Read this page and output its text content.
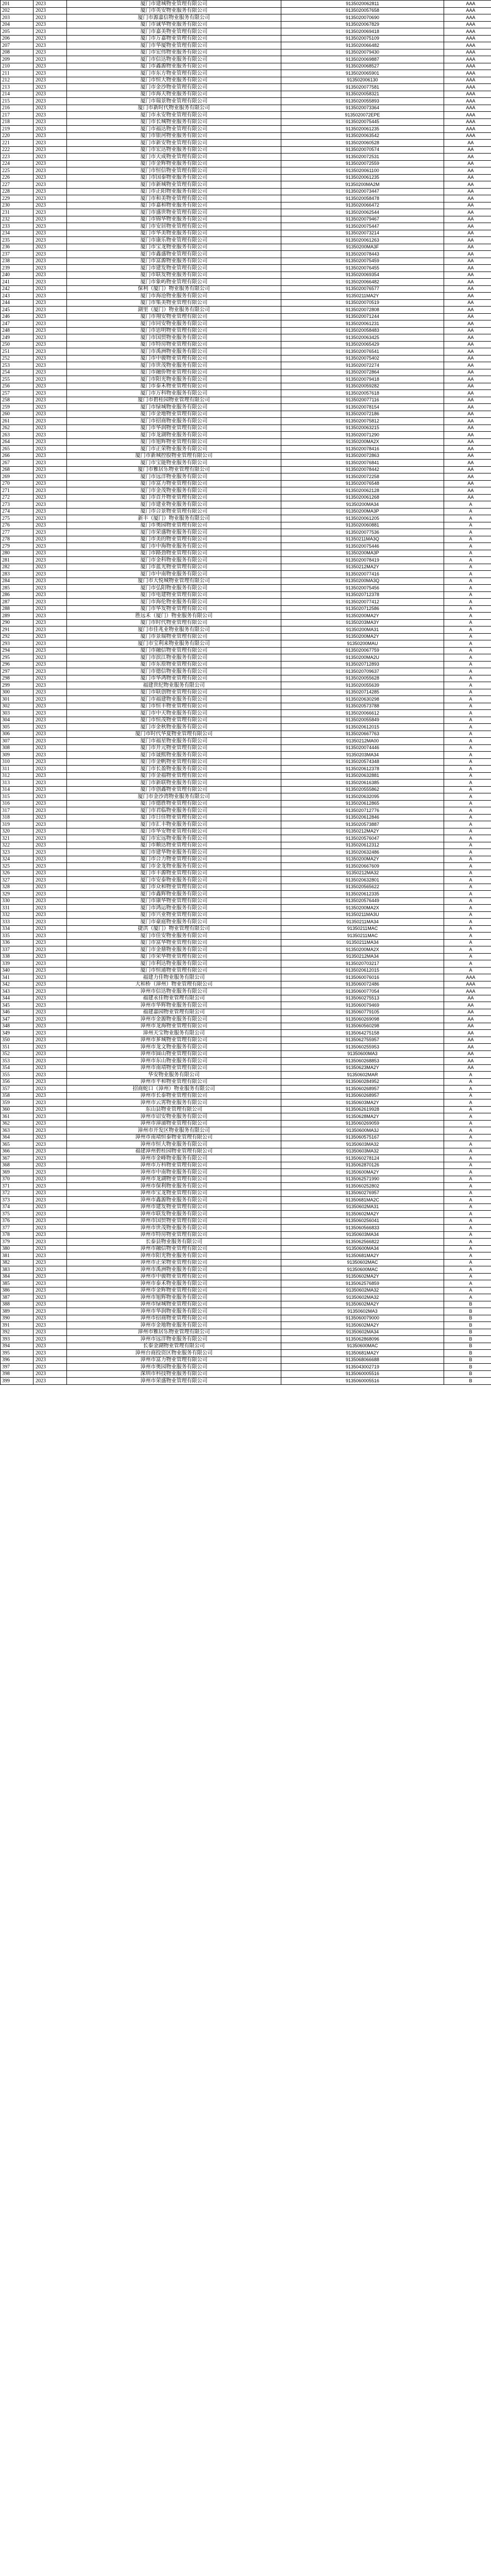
201	2023	厦门市建城物业管理有限公司	9135020062811	AAA
202	2023	厦门市英安物业服务有限公司	9135020057658	AAA
203	2023	厦门市源嘉信物业服务有限公司	9135020070690	AAA
204	2023	厦门市诚华物业服务有限公司	9135020067829	AAA
205	2023	厦门市嘉美物业管理有限公司	9135020069418	AAA
206	2023	厦门市万嘉物业管理有限公司	9135020075109	AAA
207	2023	厦门市华厦物业管理有限公司	9135020066482	AAA
208	2023	厦门市宏伟物业服务有限公司	9135020079430	AAA
209	2023	厦门市信达物业服务有限公司	9135020069887	AAA
210	2023	厦门市鑫源物业服务有限公司	9135020068527	AAA
211	2023	厦门市东方物业管理有限公司	9135020065901	AAA
212	2023	厦门市恒大物业服务有限公司	913502006130	AAA
213	2023	厦门市金沙物业管理有限公司	9135020077581	AAA
214	2023	厦门市海天物业服务有限公司	9135020058321	AAA
215	2023	厦门市瑞景物业管理有限公司	9135020055893	AAA
216	2023	厦门市新时代物业服务有限公司	9135020073364	AAA
217	2023	厦门市永安物业管理有限公司	9135020072EPE	AAA
218	2023	厦门市长城物业服务有限公司	9135020075445	AAA
219	2023	厦门市福达物业管理有限公司	9135020061235	AAA
220	2023	厦门市银河物业服务有限公司	9135020063542	AAA
221	2023	厦门市新安物业管理有限公司	9135020060528	AA
222	2023	厦门市宏达物业服务有限公司	9135020070574	AA
223	2023	厦门市天成物业管理有限公司	9135020072531	AA
224	2023	厦门市金辉物业服务有限公司	9135020072559	AA
225	2023	厦门市恒信物业管理有限公司	9135020061100	AA
226	2023	厦门市国泰物业服务有限公司	9135020061235	AA
227	2023	厦门市新城物业管理有限公司	91350200MA2M	AA
228	2023	厦门市正阳物业服务有限公司	9135020073447	AA
229	2023	厦门市和美物业管理有限公司	9135020058478	AA
230	2023	厦门市嘉和物业服务有限公司	9135020066472	AA
231	2023	厦门市盛世物业管理有限公司	9135020062544	AA
232	2023	厦门市锦华物业服务有限公司	9135020079467	AA
233	2023	厦门市安居物业管理有限公司	9135020075447	AA
234	2023	厦门市华美物业服务有限公司	9135020073214	AA
235	2023	厦门市康乐物业管理有限公司	9135020061263	AA
236	2023	厦门市宝龙物业服务有限公司	91350200MA3F	AA
237	2023	厦门市鑫盛物业管理有限公司	9135020078443	AA
238	2023	厦门市富源物业服务有限公司	9135020075459	AA
239	2023	厦门市建发物业管理有限公司	9135020076455	AA
240	2023	厦门市联发物业服务有限公司	9135020069354	AA
241	2023	厦门市象屿物业管理有限公司	9135020066482	AA
242	2023	保利（厦门）物业服务有限公司	9135020076577	AA
243	2023	厦门市海沧物业服务有限公司	91350211MA2Y	AA
244	2023	厦门市集美物业管理有限公司	9135020070519	AA
245	2023	湖里（厦门）物业服务有限公司	9135020072808	AA
246	2023	厦门市翔安物业管理有限公司	9135020071244	AA
247	2023	厦门市同安物业服务有限公司	9135020061231	AA
248	2023	厦门市思明物业管理有限公司	9135020058483	AA
249	2023	厦门市国贸物业服务有限公司	9135020063425	AA
250	2023	厦门市特房物业管理有限公司	9135020065429	AA
251	2023	厦门市禹洲物业服务有限公司	9135020076541	AA
252	2023	厦门市中骏物业管理有限公司	9135020075402	AA
253	2023	厦门市世茂物业服务有限公司	9135020072274	AA
254	2023	厦门市融侨物业管理有限公司	9135020072864	AA
255	2023	厦门市阳光物业服务有限公司	9135020079418	AA
256	2023	厦门市泰禾物业管理有限公司	9135020059282	AA
257	2023	厦门市万科物业服务有限公司	9135020057618	AA
258	2023	厦门市碧桂园物业管理有限公司	9135020077116	AA
259	2023	厦门市绿城物业服务有限公司	9135020078154	AA
260	2023	厦门市金地物业管理有限公司	9135020072186	AA
261	2023	厦门市招商物业服务有限公司	9135020075812	AA
262	2023	厦门市华润物业管理有限公司	9135020063215	AA
263	2023	厦门市龙湖物业服务有限公司	9135020071290	AA
264	2023	厦门市旭辉物业管理有限公司	91350200MA2X	AA
265	2023	厦门市正荣物业服务有限公司	9135020078416	AA
266	2023	厦门市新城控股物业管理有限公司	9135020072863	AA
267	2023	厦门市宝能物业服务有限公司	9135020076841	AA
268	2023	厦门市雅居乐物业管理有限公司	9135020078442	AA
269	2023	厦门市远洋物业服务有限公司	9135020072258	AA
270	2023	厦门市富力物业管理有限公司	9135020076548	AA
271	2023	厦门市金茂物业服务有限公司	9135020062128	AA
272	2023	厦门市首开物业管理有限公司	9135020061268	AA
273	2023	厦门市建业物业服务有限公司	91350200MA34	A
274	2023	厦门市合景物业管理有限公司	91350200MA3P	A
275	2023	新丰（厦门）物业服务有限公司	9135020061205	A
276	2023	厦门市奥园物业管理有限公司	9135020060881	A
277	2023	厦门市荣盛物业服务有限公司	9135020077536	A
278	2023	厦门市美的物业管理有限公司	91350211MA3Q	A
279	2023	厦门市中海物业服务有限公司	9135020075446	A
280	2023	厦门市路劲物业管理有限公司	91350200MA3P	A
281	2023	厦门市金科物业服务有限公司	9135020078419	A
282	2023	厦门市蓝光物业管理有限公司	91350212MA2Y	A
283	2023	厦门市中南物业服务有限公司	9135020077416	A
284	2023	厦门市大悦城物业管理有限公司	91350200MA3Q	A
285	2023	厦门市弘阳物业服务有限公司	9135020075456	A
286	2023	厦门市电建物业管理有限公司	9135020712378	A
287	2023	厦门市海伦物业服务有限公司	9135020077412	A
288	2023	厦门市华发物业管理有限公司	9135020712586	A
289	2023	胜远禾（厦门）物业服务有限公司	91350200MA2Y	A
290	2023	厦门市时代物业管理有限公司	91350203MA3Y	A
291	2023	厦门市佳兆业物业服务有限公司	91350200MA31	A
292	2023	厦门市景瑞物业管理有限公司	91350200MA2Y	A
293	2023	厦门市宝利来物业服务有限公司	91350200MAU	A
294	2023	厦门市融信物业管理有限公司	9135020067759	A
295	2023	厦门市滨江物业服务有限公司	91350200MA2U	A
296	2023	厦门市东原物业管理有限公司	9135020712893	A
297	2023	厦门市德信物业服务有限公司	9135020709637	A
298	2023	厦门市华鸿物业管理有限公司	9135020055628	A
299	2023	福建世纪物业服务有限公司	9135020055639	A
300	2023	厦门市联创物业管理有限公司	9135020714285	A
301	2023	厦门市福建物业服务有限公司	9135020630298	A
302	2023	厦门市恒丰物业管理有限公司	9135020573788	A
303	2023	厦门市中天物业服务有限公司	9135020066612	A
304	2023	厦门市恒茂物业管理有限公司	9135020055849	A
305	2023	厦门市金秋物业服务有限公司	9135020612015	A
306	2023	厦门市时代华夏物业管理有限公司	9135020667763	A
307	2023	厦门市福星物业服务有限公司	91350212MA00	A
308	2023	厦门市开元物业管理有限公司	9135020074446	A
309	2023	厦门市晟熙物业服务有限公司	91350203MA34	A
310	2023	厦门市金帆物业管理有限公司	9135020574348	A
311	2023	厦门市长盈物业服务有限公司	9135020612378	A
312	2023	厦门市金福物业管理有限公司	9135020632881	A
313	2023	厦门市新联物业服务有限公司	9135020616385	A
314	2023	厦门市创鑫物业管理有限公司	9135020555862	A
315	2023	厦门市金沙湾物业服务有限公司	9135020632095	A
316	2023	厦门市德胜物业管理有限公司	9135020612865	A
317	2023	厦门市君临物业服务有限公司	9135020712776	A
318	2023	厦门市日佳物业管理有限公司	9135020612846	A
319	2023	厦门市汇丰物业服务有限公司	9135020573887	A
320	2023	厦门市华安物业管理有限公司	91350212MA2Y	A
321	2023	厦门市宏远物业服务有限公司	9135020576047	A
322	2023	厦门市顺达物业管理有限公司	9135020612312	A
323	2023	厦门市建华物业服务有限公司	9135020632486	A
324	2023	厦门市合力物业管理有限公司	91350200MA2Y	A
325	2023	厦门市金龙物业服务有限公司	9135020667609	A
326	2023	厦门市丰源物业管理有限公司	91350212MA32	A
327	2023	厦门市安泰物业服务有限公司	9135020632801	A
328	2023	厦门市众和物业管理有限公司	9135020565622	A
329	2023	厦门市鑫辉物业服务有限公司	9135020612335	A
330	2023	厦门市康华物业管理有限公司	9135020576449	A
331	2023	厦门市鸿运物业服务有限公司	91350200MA2X	A
332	2023	厦门市兴业物业管理有限公司	91350211MA3U	A
333	2023	厦门市豪庭物业服务有限公司	91350211MA34	A
334	2023	捷洪（厦门）物业管理有限公司	91350211MAC	A
335	2023	厦门市佳安物业服务有限公司	91350211MAC	A
336	2023	厦门市富华物业管理有限公司	91350211MA34	A
337	2023	厦门市金鼎物业服务有限公司	91350200MA2X	A
338	2023	厦门市荣华物业管理有限公司	91350212MA34	A
339	2023	厦门市利达物业服务有限公司	9135020703217	A
340	2023	厦门市恒通物业管理有限公司	9135020612015	A
341	2023	福建力佳物业服务有限公司	9135060076016	AAA
342	2023	大和桥（漳州）物业管理有限公司	9135060072486	AAA
343	2023	漳州市信达物业服务有限公司	9135060077054	AAA
344	2023	福建永佳物业管理有限公司	9135060275513	AA
345	2023	漳州市华辉物业服务有限公司	9135060079469	AA
346	2023	福建嘉园物业管理有限公司	9135060779105	AA
347	2023	漳州市金源物业服务有限公司	9135060269098	AA
348	2023	漳州市龙海物业管理有限公司	9135060560298	AA
349	2023	漳州天宝物业服务有限公司	9135064275158	AA
350	2023	漳州市芗城物业管理有限公司	9135062755957	AA
351	2023	漳州市龙文物业服务有限公司	9135060255953	AA
352	2023	漳州市圆山物业管理有限公司	91350600MA3	AA
353	2023	漳州市东山物业服务有限公司	9135060268853	AA
354	2023	漳州市南靖物业管理有限公司	91350623MA2Y	AA
355	2023	华安物业服务有限公司	91350602MAR	A
356	2023	漳州市平和物业管理有限公司	9135060284952	A
357	2023	招商蛇口（漳州）物业服务有限公司	9135060268957	A
358	2023	漳州市长泰物业管理有限公司	9135060268957	A
359	2023	漳州市云霄物业服务有限公司	91350603MA2Y	A
360	2023	东山县物业管理有限公司	9135062619928	A
361	2023	漳州市诏安物业服务有限公司	91350628MA2Y	A
362	2023	漳州市漳浦物业管理有限公司	9135060269059	A
363	2023	漳州市开发区物业服务有限公司	91350600MA3J	A
364	2023	漳州市南靖恒泰物业管理有限公司	9135060575167	A
365	2023	漳州市恒大物业服务有限公司	91350603MA32	A
366	2023	福建漳州碧桂园物业管理有限公司	91350603MA32	A
367	2023	漳州市金峰物业服务有限公司	9135060278124	A
368	2023	漳州市万科物业管理有限公司	9135062870126	A
369	2023	漳州市中南物业服务有限公司	91350600MA2Y	A
370	2023	漳州市龙湖物业管理有限公司	9135062571990	A
371	2023	漳州市保利物业服务有限公司	9135060252802	A
372	2023	漳州市宝龙物业管理有限公司	9135060276957	A
373	2023	漳州市鑫源物业服务有限公司	91350681MA2C	A
374	2023	漳州市建发物业管理有限公司	91350602MA31	A
375	2023	漳州市联发物业服务有限公司	91350602MA2Y	A
376	2023	漳州市国贸物业管理有限公司	9135060256041	A
377	2023	漳州市世茂物业服务有限公司	9135060566833	A
378	2023	漳州市特房物业管理有限公司	91350603MA34	A
379	2023	长泰县物业服务有限公司	9135062566822	A
380	2023	漳州市融信物业管理有限公司	91350600MA34	A
381	2023	漳州市阳光物业服务有限公司	91350681MA2Y	A
382	2023	漳州市正荣物业管理有限公司	91350602MAC	A
383	2023	漳州市禹洲物业服务有限公司	91350600MAC	A
384	2023	漳州市中骏物业管理有限公司	91350602MA2Y	A
385	2023	漳州市泰禾物业服务有限公司	9135062576859	A
386	2023	漳州市金辉物业管理有限公司	91350602MA32	A
387	2023	漳州市旭辉物业服务有限公司	91350602MA32	A
388	2023	漳州市绿城物业管理有限公司	91350602MA2Y	B
389	2023	漳州市华润物业服务有限公司	91350602MA3	B
390	2023	漳州市招商物业管理有限公司	9135060079000	B
391	2023	漳州市金地物业服务有限公司	91350602MA2Y	B
392	2023	漳州市雅居乐物业管理有限公司	91350602MA34	B
393	2023	漳州市远洋物业服务有限公司	9135062868096	B
394	2023	长泰金湖物业管理有限公司	91350600MAC	B
395	2023	漳州台商投资区物业服务有限公司	91350681MA2Y	B
396	2023	漳州市富力物业管理有限公司	9135068066688	B
397	2023	漳州市奥园物业服务有限公司	9135043002719	B
398	2023	深圳市科技物业服务有限公司	9135060005516	B
399	2023	漳州市荣盛物业管理有限公司	9135060005516	B
